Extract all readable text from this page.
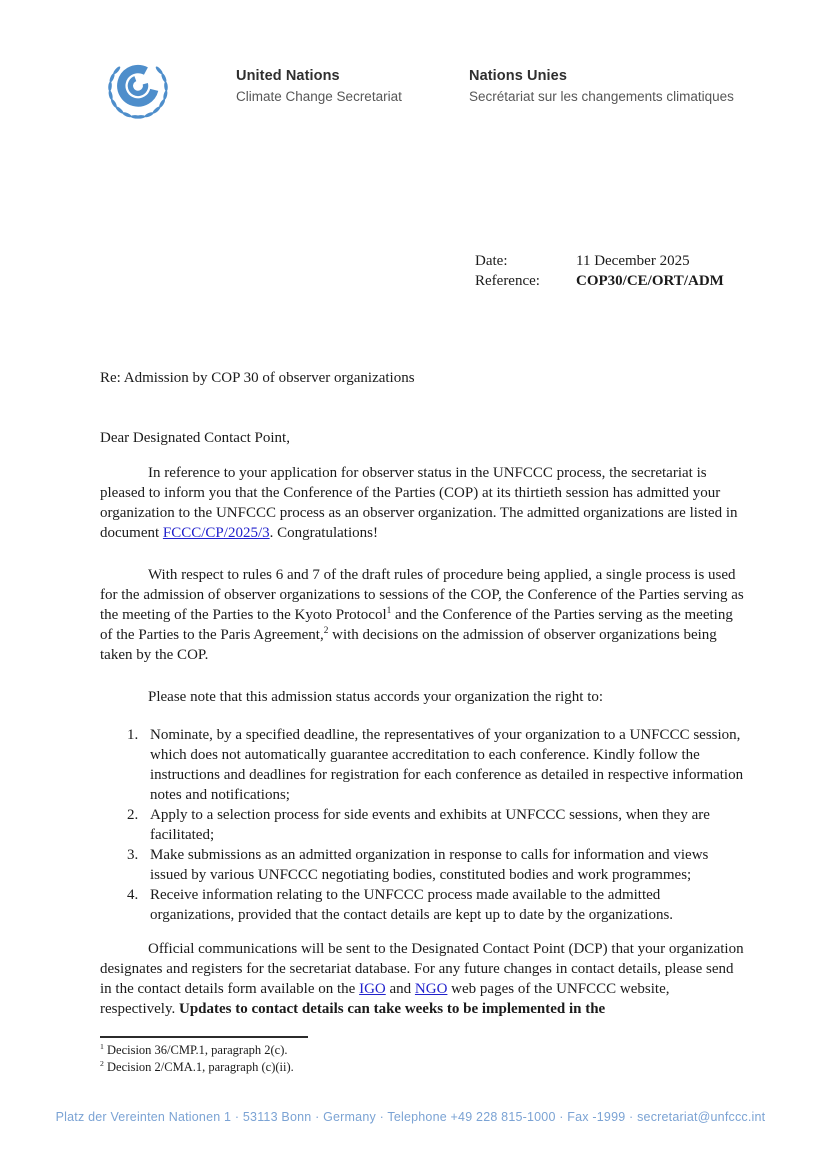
United Nations
Climate Change Secretariat
Nations Unies
Secrétariat sur les changements climatiques
Date:	11 December 2025
Reference:	COP30/CE/ORT/ADM
Re: Admission by COP 30 of observer organizations
Dear Designated Contact Point,

In reference to your application for observer status in the UNFCCC process, the secretariat is pleased to inform you that the Conference of the Parties (COP) at its thirtieth session has admitted your organization to the UNFCCC process as an observer organization. The admitted organizations are listed in document FCCC/CP/2025/3. Congratulations!

With respect to rules 6 and 7 of the draft rules of procedure being applied, a single process is used for the admission of observer organizations to sessions of the COP, the Conference of the Parties serving as the meeting of the Parties to the Kyoto Protocol$^1$ and the Conference of the Parties serving as the meeting of the Parties to the Paris Agreement,$^2$ with decisions on the admission of observer organizations being taken by the COP.

Please note that this admission status accords your organization the right to:

1. Nominate, by a specified deadline, the representatives of your organization to a UNFCCC session, which does not automatically guarantee accreditation to each conference. Kindly follow the instructions and deadlines for registration for each conference as detailed in respective information notes and notifications;
2. Apply to a selection process for side events and exhibits at UNFCCC sessions, when they are facilitated;
3. Make submissions as an admitted organization in response to calls for information and views issued by various UNFCCC negotiating bodies, constituted bodies and work programmes;
4. Receive information relating to the UNFCCC process made available to the admitted organizations, provided that the contact details are kept up to date by the organizations.

Official communications will be sent to the Designated Contact Point (DCP) that your organization designates and registers for the secretariat database. For any future changes in contact details, please send in the contact details form available on the IGO and NGO web pages of the UNFCCC website, respectively. Updates to contact details can take weeks to be implemented in the

$^1$ Decision 36/CMP.1, paragraph 2(c).
$^2$ Decision 2/CMA.1, paragraph (c)(ii).
Platz der Vereinten Nationen 1 · 53113 Bonn · Germany · Telephone +49 228 815-1000 · Fax -1999 · secretariat@unfccc.int
